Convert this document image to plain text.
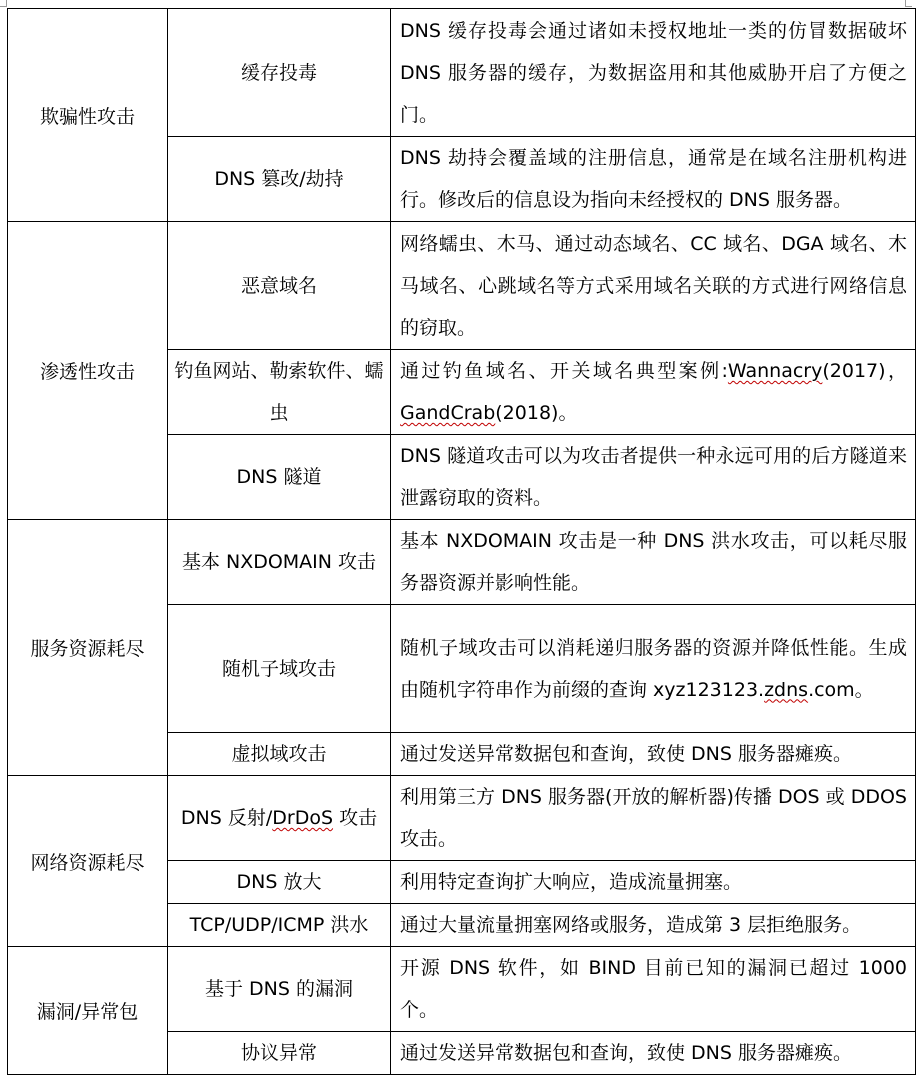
欺骗性攻击	缓存投毒	DNS 缓存投毒会通过诸如未授权地址一类的仿冒数据破坏 DNS 服务器的缓存，为数据盗用和其他威胁开启了方便之门。
	DNS 篡改/劫持	DNS 劫持会覆盖域的注册信息，通常是在域名注册机构进行。修改后的信息设为指向未经授权的 DNS 服务器。
渗透性攻击	恶意域名	网络蠕虫、木马、通过动态域名、CC 域名、DGA 域名、木马域名、心跳域名等方式采用域名关联的方式进行网络信息的窃取。
	钓鱼网站、勒索软件、蠕虫	通过钓鱼域名、开关域名典型案例:Wannacry(2017)，GandCrab(2018)。
	DNS 隧道	DNS 隧道攻击可以为攻击者提供一种永远可用的后方隧道来泄露窃取的资料。
服务资源耗尽	基本 NXDOMAIN 攻击	基本 NXDOMAIN 攻击是一种 DNS 洪水攻击，可以耗尽服务器资源并影响性能。
	随机子域攻击	随机子域攻击可以消耗递归服务器的资源并降低性能。生成由随机字符串作为前缀的查询 xyz123123.zdns.com。
	虚拟域攻击	通过发送异常数据包和查询，致使 DNS 服务器瘫痪。
网络资源耗尽	DNS 反射/DrDoS 攻击	利用第三方 DNS 服务器(开放的解析器)传播 DOS 或 DDOS 攻击。
	DNS 放大	利用特定查询扩大响应，造成流量拥塞。
	TCP/UDP/ICMP 洪水	通过大量流量拥塞网络或服务，造成第 3 层拒绝服务。
漏洞/异常包	基于 DNS 的漏洞	开源 DNS 软件，如 BIND 目前已知的漏洞已超过 1000 个。
	协议异常	通过发送异常数据包和查询，致使 DNS 服务器瘫痪。
